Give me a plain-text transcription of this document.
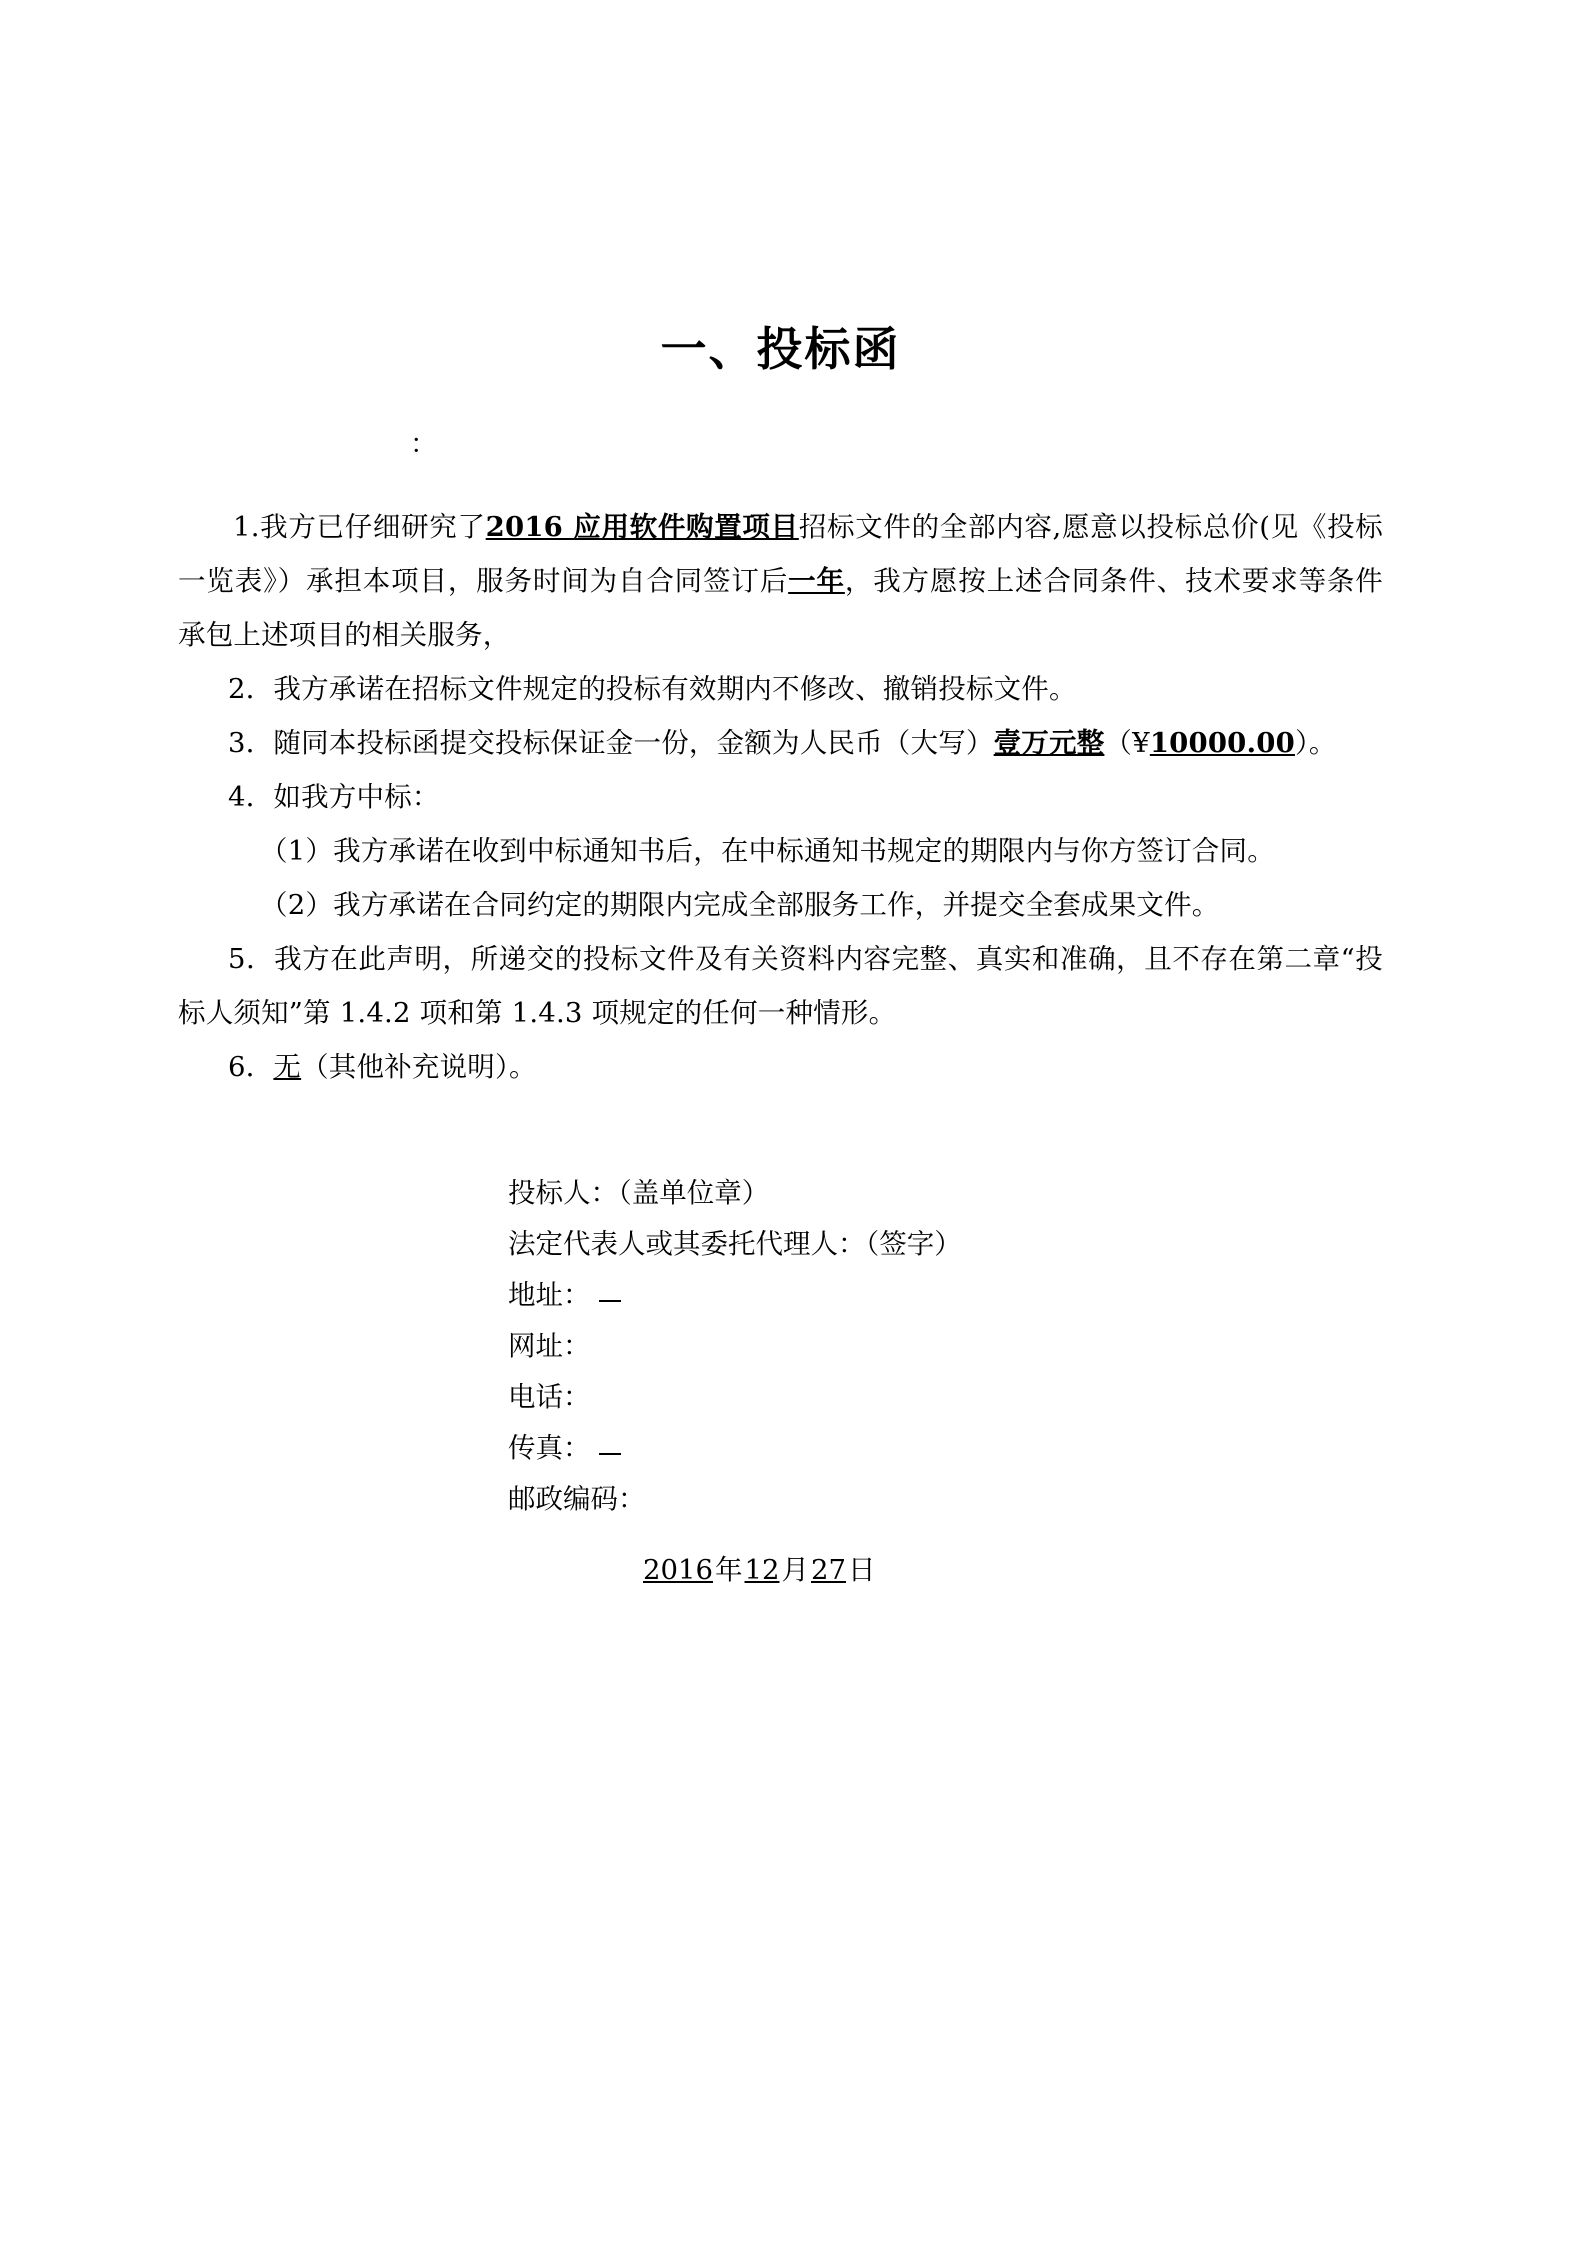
一、投标函

：

1.我方已仔细研究了2016 应用软件购置项目招标文件的全部内容,愿意以投标总价(见《投标一览表》）承担本项目，服务时间为自合同签订后一年，我方愿按上述合同条件、技术要求等条件承包上述项目的相关服务，

2．我方承诺在招标文件规定的投标有效期内不修改、撤销投标文件。

3．随同本投标函提交投标保证金一份，金额为人民币（大写）壹万元整（¥10000.00）。

4．如我方中标：

（1）我方承诺在收到中标通知书后，在中标通知书规定的期限内与你方签订合同。

（2）我方承诺在合同约定的期限内完成全部服务工作，并提交全套成果文件。

5．我方在此声明，所递交的投标文件及有关资料内容完整、真实和准确，且不存在第二章“投标人须知”第 1.4.2 项和第 1.4.3 项规定的任何一种情形。

6．无（其他补充说明）。

投标人：（盖单位章）

法定代表人或其委托代理人：（签字）

地址：

网址：

电话：

传真：

邮政编码：

2016年12月27日
